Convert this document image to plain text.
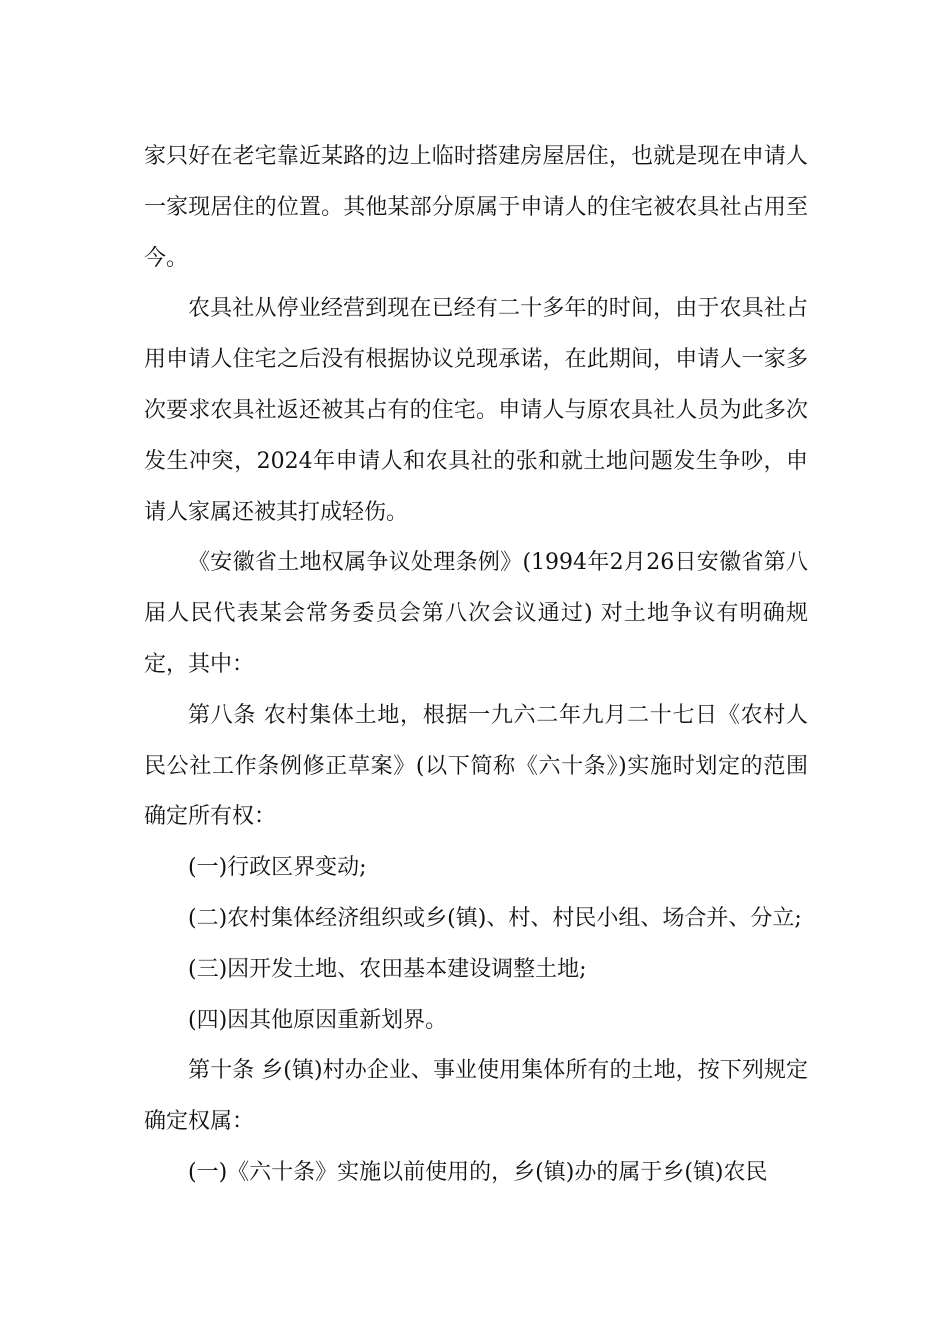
家只好在老宅靠近某路的边上临时搭建房屋居住，也就是现在申请人一家现居住的位置。其他某部分原属于申请人的住宅被农具社占用至今。

农具社从停业经营到现在已经有二十多年的时间，由于农具社占用申请人住宅之后没有根据协议兑现承诺，在此期间，申请人一家多次要求农具社返还被其占有的住宅。申请人与原农具社人员为此多次发生冲突，2024年申请人和农具社的张和就土地问题发生争吵，申请人家属还被其打成轻伤。

《安徽省土地权属争议处理条例》(1994年2月26日安徽省第八届人民代表某会常务委员会第八次会议通过) 对土地争议有明确规定，其中：

第八条 农村集体土地，根据一九六二年九月二十七日《农村人民公社工作条例修正草案》(以下简称《六十条》)实施时划定的范围确定所有权：

(一)行政区界变动;

(二)农村集体经济组织或乡(镇)、村、村民小组、场合并、分立;

(三)因开发土地、农田基本建设调整土地;

(四)因其他原因重新划界。

第十条 乡(镇)村办企业、事业使用集体所有的土地，按下列规定确定权属：

(一)《六十条》实施以前使用的，乡(镇)办的属于乡(镇)农民
